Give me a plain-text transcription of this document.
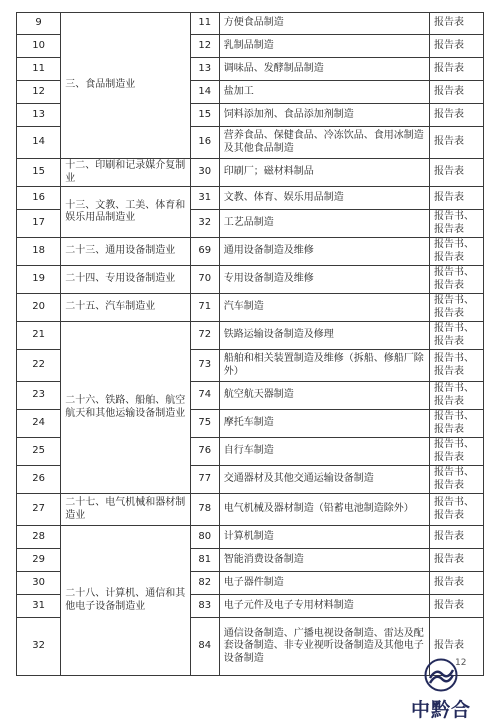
9	三、食品制造业	11	方便食品制造	报告表
10		12	乳制品制造	报告表
11		13	调味品、发酵制品制造	报告表
12		14	盐加工	报告表
13		15	饲料添加剂、食品添加剂制造	报告表
14		16	营养食品、保健食品、冷冻饮品、食用冰制造及其他食品制造	报告表
15	十二、印刷和记录媒介复制业	30	印刷厂；磁材料制品	报告表
16	十三、文教、工美、体育和娱乐用品制造业	31	文教、体育、娱乐用品制造	报告表
17		32	工艺品制造	报告书、报告表
18	二十三、通用设备制造业	69	通用设备制造及维修	报告书、报告表
19	二十四、专用设备制造业	70	专用设备制造及维修	报告书、报告表
20	二十五、汽车制造业	71	汽车制造	报告书、报告表
21	二十六、铁路、船舶、航空航天和其他运输设备制造业	72	铁路运输设备制造及修理	报告书、报告表
22		73	船舶和相关装置制造及维修（拆船、修船厂除外）	报告书、报告表
23		74	航空航天器制造	报告书、报告表
24		75	摩托车制造	报告书、报告表
25		76	自行车制造	报告书、报告表
26		77	交通器材及其他交通运输设备制造	报告书、报告表
27	二十七、电气机械和器材制造业	78	电气机械及器材制造（铅蓄电池制造除外）	报告书、报告表
28	二十八、计算机、通信和其他电子设备制造业	80	计算机制造	报告表
29		81	智能消费设备制造	报告表
30		82	电子器件制造	报告表
31		83	电子元件及电子专用材料制造	报告表
32		84	通信设备制造、广播电视设备制造、雷达及配套设备制造、非专业视听设备制造及其他电子设备制造	报告表
12
中黔合
